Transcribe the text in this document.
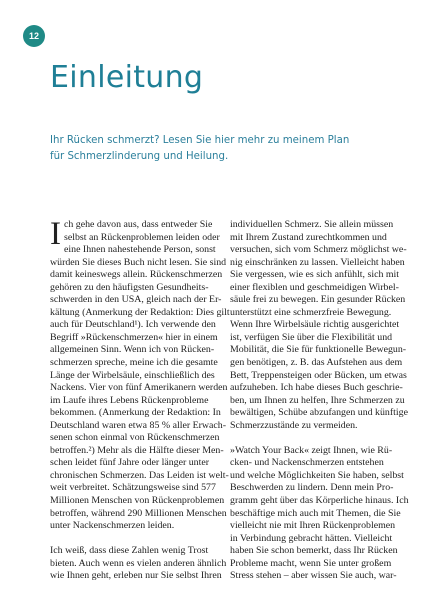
12
Einleitung
Ihr Rücken schmerzt? Lesen Sie hier mehr zu meinem Plan
für Schmerzlinderung und Heilung.
I ch gehe davon aus, dass entweder Sie
selbst an Rückenproblemen leiden oder
eine Ihnen nahestehende Person, sonst
würden Sie dieses Buch nicht lesen. Sie sind
damit keineswegs allein. Rückenschmerzen
gehören zu den häufigsten Gesundheits-
schwerden in den USA, gleich nach der Er-
kältung (Anmerkung der Redaktion: Dies gilt
auch für Deutschland¹). Ich verwende den
Begriff »Rückenschmerzen« hier in einem
allgemeinen Sinn. Wenn ich von Rücken-
schmerzen spreche, meine ich die gesamte
Länge der Wirbelsäule, einschließlich des
Nackens. Vier von fünf Amerikanern werden
im Laufe ihres Lebens Rückenprobleme
bekommen. (Anmerkung der Redaktion: In
Deutschland waren etwa 85 % aller Erwach-
senen schon einmal von Rückenschmerzen
betroffen.²) Mehr als die Hälfte dieser Men-
schen leidet fünf Jahre oder länger unter
chronischen Schmerzen. Das Leiden ist welt-
weit verbreitet. Schätzungsweise sind 577
Millionen Menschen von Rückenproblemen
betroffen, während 290 Millionen Menschen
unter Nackenschmerzen leiden.
Ich weiß, dass diese Zahlen wenig Trost
bieten. Auch wenn es vielen anderen ähnlich
wie Ihnen geht, erleben nur Sie selbst Ihren
individuellen Schmerz. Sie allein müssen
mit Ihrem Zustand zurechtkommen und
versuchen, sich vom Schmerz möglichst we-
nig einschränken zu lassen. Vielleicht haben
Sie vergessen, wie es sich anfühlt, sich mit
einer flexiblen und geschmeidigen Wirbel-
säule frei zu bewegen. Ein gesunder Rücken
unterstützt eine schmerzfreie Bewegung.
Wenn Ihre Wirbelsäule richtig ausgerichtet
ist, verfügen Sie über die Flexibilität und
Mobilität, die Sie für funktionelle Bewegun-
gen benötigen, z. B. das Aufstehen aus dem
Bett, Treppensteigen oder Bücken, um etwas
aufzuheben. Ich habe dieses Buch geschrie-
ben, um Ihnen zu helfen, Ihre Schmerzen zu
bewältigen, Schübe abzufangen und künftige
Schmerzzustände zu vermeiden.
»Watch Your Back« zeigt Ihnen, wie Rü-
cken- und Nackenschmerzen entstehen
und welche Möglichkeiten Sie haben, selbst
Beschwerden zu lindern. Denn mein Pro-
gramm geht über das Körperliche hinaus. Ich
beschäftige mich auch mit Themen, die Sie
vielleicht nie mit Ihren Rückenproblemen
in Verbindung gebracht hätten. Vielleicht
haben Sie schon bemerkt, dass Ihr Rücken
Probleme macht, wenn Sie unter großem
Stress stehen – aber wissen Sie auch, war-
